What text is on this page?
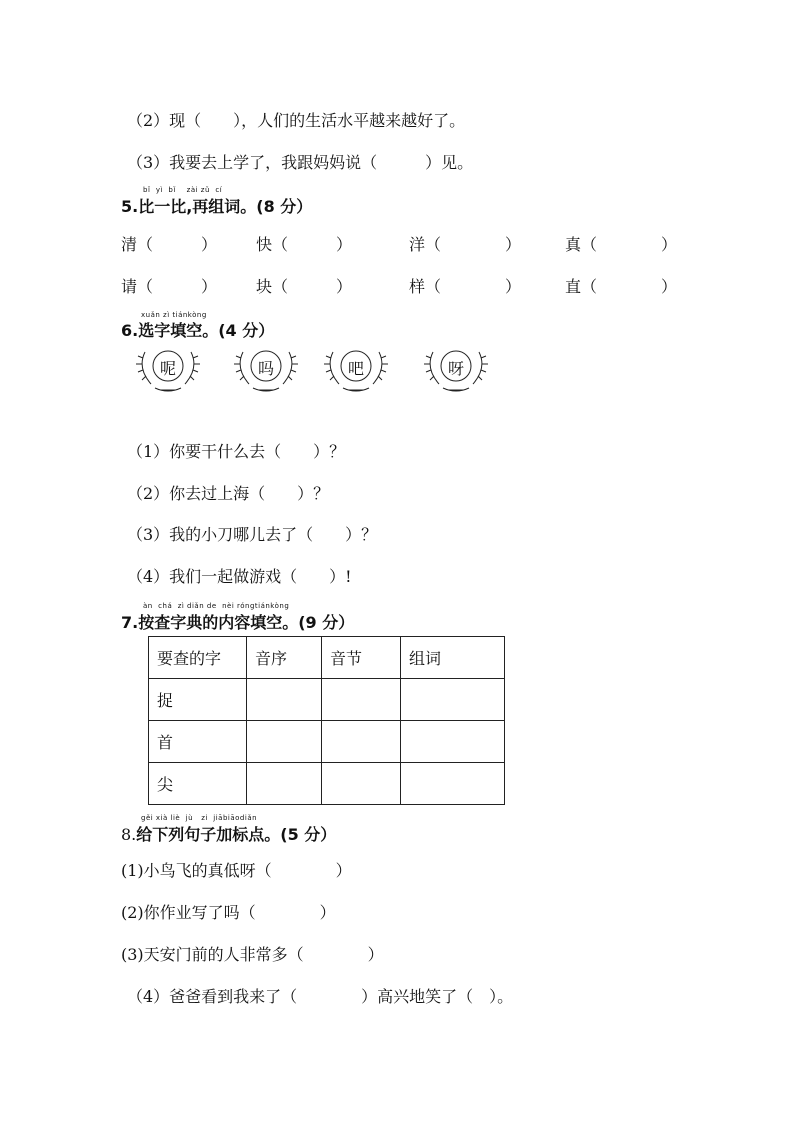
（2）现（　　），人们的生活水平越来越好了。
（3）我要去上学了，我跟妈妈说（　　　）见。
bǐ  yì  bǐ    zài zǔ  cí
5.比一比,再组词。(8 分）
清（　　　） 快（　　　）	洋（　　　　）	真（　　　　）
请（　　　） 块（　　　）	样（　　　　）	直（　　　　）
xuǎn zì tiánkòng
6.选字填空。(4 分）
呢	吗	吧	呀
（1）你要干什么去（　　）？
（2）你去过上海（　　）？
（3）我的小刀哪儿去了（　　）？
（4）我们一起做游戏（　　）!
àn  chá  zì diǎn de  nèi róngtiánkòng
7.按查字典的内容填空。(9 分）
要查的字	音序	音节	组词
捉			
首			
尖			
gěi xià liè  jù   zi  jiābiāodiǎn
8.给下列句子加标点。(5 分）
(1)小鸟飞的真低呀（　　　　）
(2)你作业写了吗（　　　　）
(3)天安门前的人非常多（　　　　）
（4）爸爸看到我来了（　　　　）高兴地笑了（　）。
